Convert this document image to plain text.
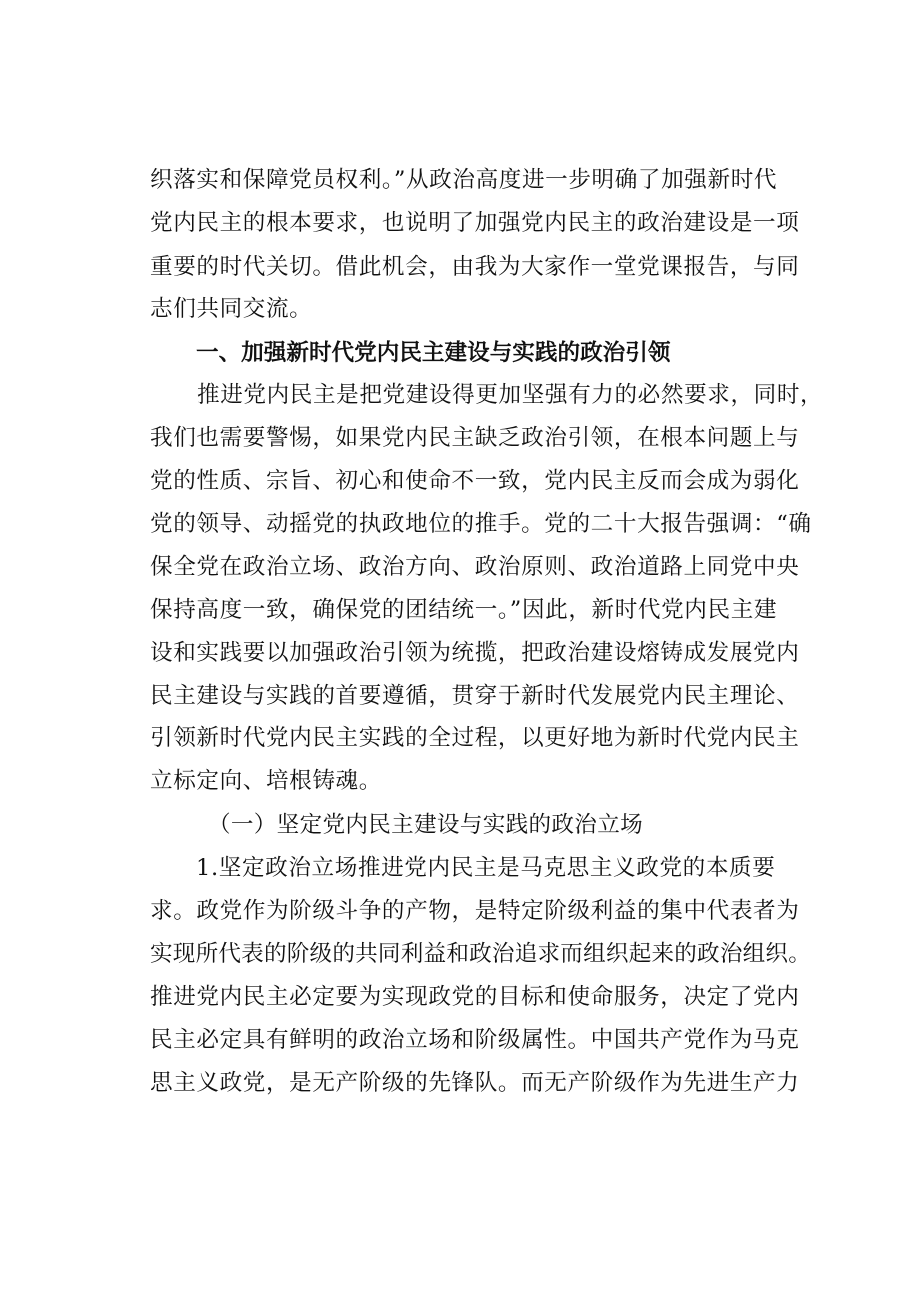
织落实和保障党员权利。”从政治高度进一步明确了加强新时代
党内民主的根本要求，也说明了加强党内民主的政治建设是一项
重要的时代关切。借此机会，由我为大家作一堂党课报告，与同
志们共同交流。
一、加强新时代党内民主建设与实践的政治引领
推进党内民主是把党建设得更加坚强有力的必然要求，同时，
我们也需要警惕，如果党内民主缺乏政治引领，在根本问题上与
党的性质、宗旨、初心和使命不一致，党内民主反而会成为弱化
党的领导、动摇党的执政地位的推手。党的二十大报告强调：“确
保全党在政治立场、政治方向、政治原则、政治道路上同党中央
保持高度一致，确保党的团结统一。”因此，新时代党内民主建
设和实践要以加强政治引领为统揽，把政治建设熔铸成发展党内
民主建设与实践的首要遵循，贯穿于新时代发展党内民主理论、
引领新时代党内民主实践的全过程，以更好地为新时代党内民主
立标定向、培根铸魂。
（一）坚定党内民主建设与实践的政治立场
1.坚定政治立场推进党内民主是马克思主义政党的本质要
求。政党作为阶级斗争的产物，是特定阶级利益的集中代表者为
实现所代表的阶级的共同利益和政治追求而组织起来的政治组织。
推进党内民主必定要为实现政党的目标和使命服务，决定了党内
民主必定具有鲜明的政治立场和阶级属性。中国共产党作为马克
思主义政党，是无产阶级的先锋队。而无产阶级作为先进生产力
